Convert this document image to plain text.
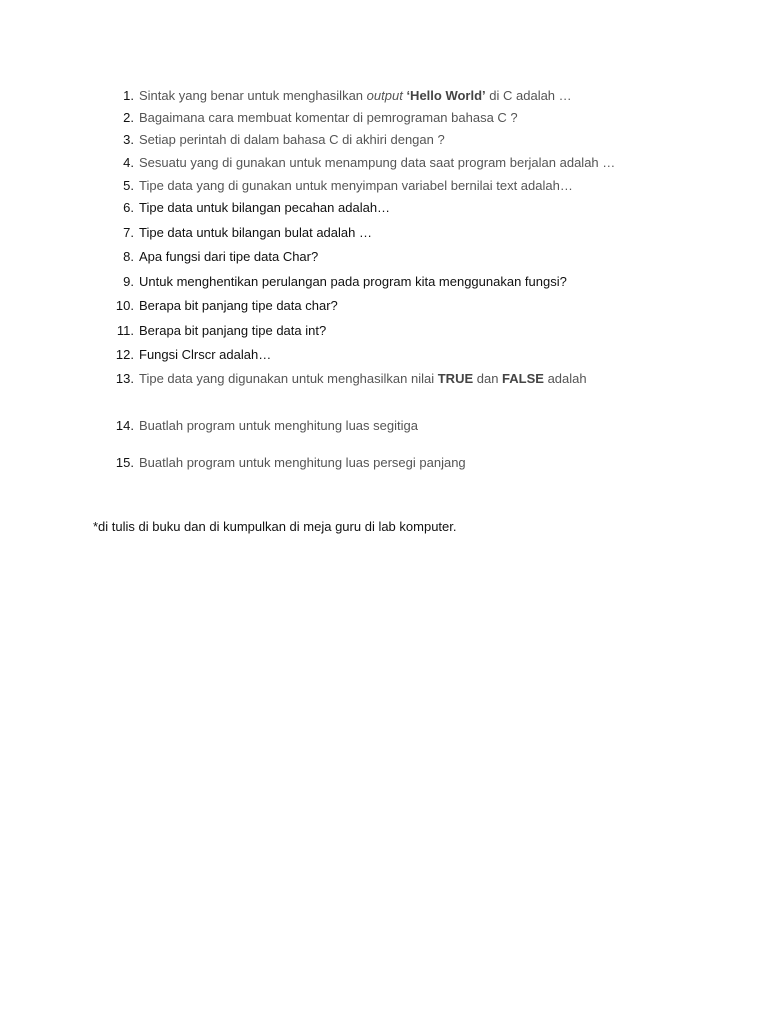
1. Sintak yang benar untuk menghasilkan output ‘Hello World’ di C adalah …
2. Bagaimana cara membuat komentar di pemrograman bahasa C ?
3. Setiap perintah di dalam bahasa C di akhiri dengan ?
4. Sesuatu yang di gunakan untuk menampung data saat program berjalan adalah …
5. Tipe data yang di gunakan untuk menyimpan variabel bernilai text adalah…
6. Tipe data untuk bilangan pecahan adalah…
7. Tipe data untuk bilangan bulat adalah …
8. Apa fungsi dari tipe data Char?
9. Untuk menghentikan perulangan pada program kita menggunakan fungsi?
10. Berapa bit panjang tipe data char?
11. Berapa bit panjang tipe data int?
12. Fungsi Clrscr adalah…
13. Tipe data yang digunakan untuk menghasilkan nilai TRUE dan FALSE adalah
14. Buatlah program untuk menghitung luas segitiga
15. Buatlah program untuk menghitung luas persegi panjang
*di tulis di buku dan di kumpulkan di meja guru di lab komputer.
